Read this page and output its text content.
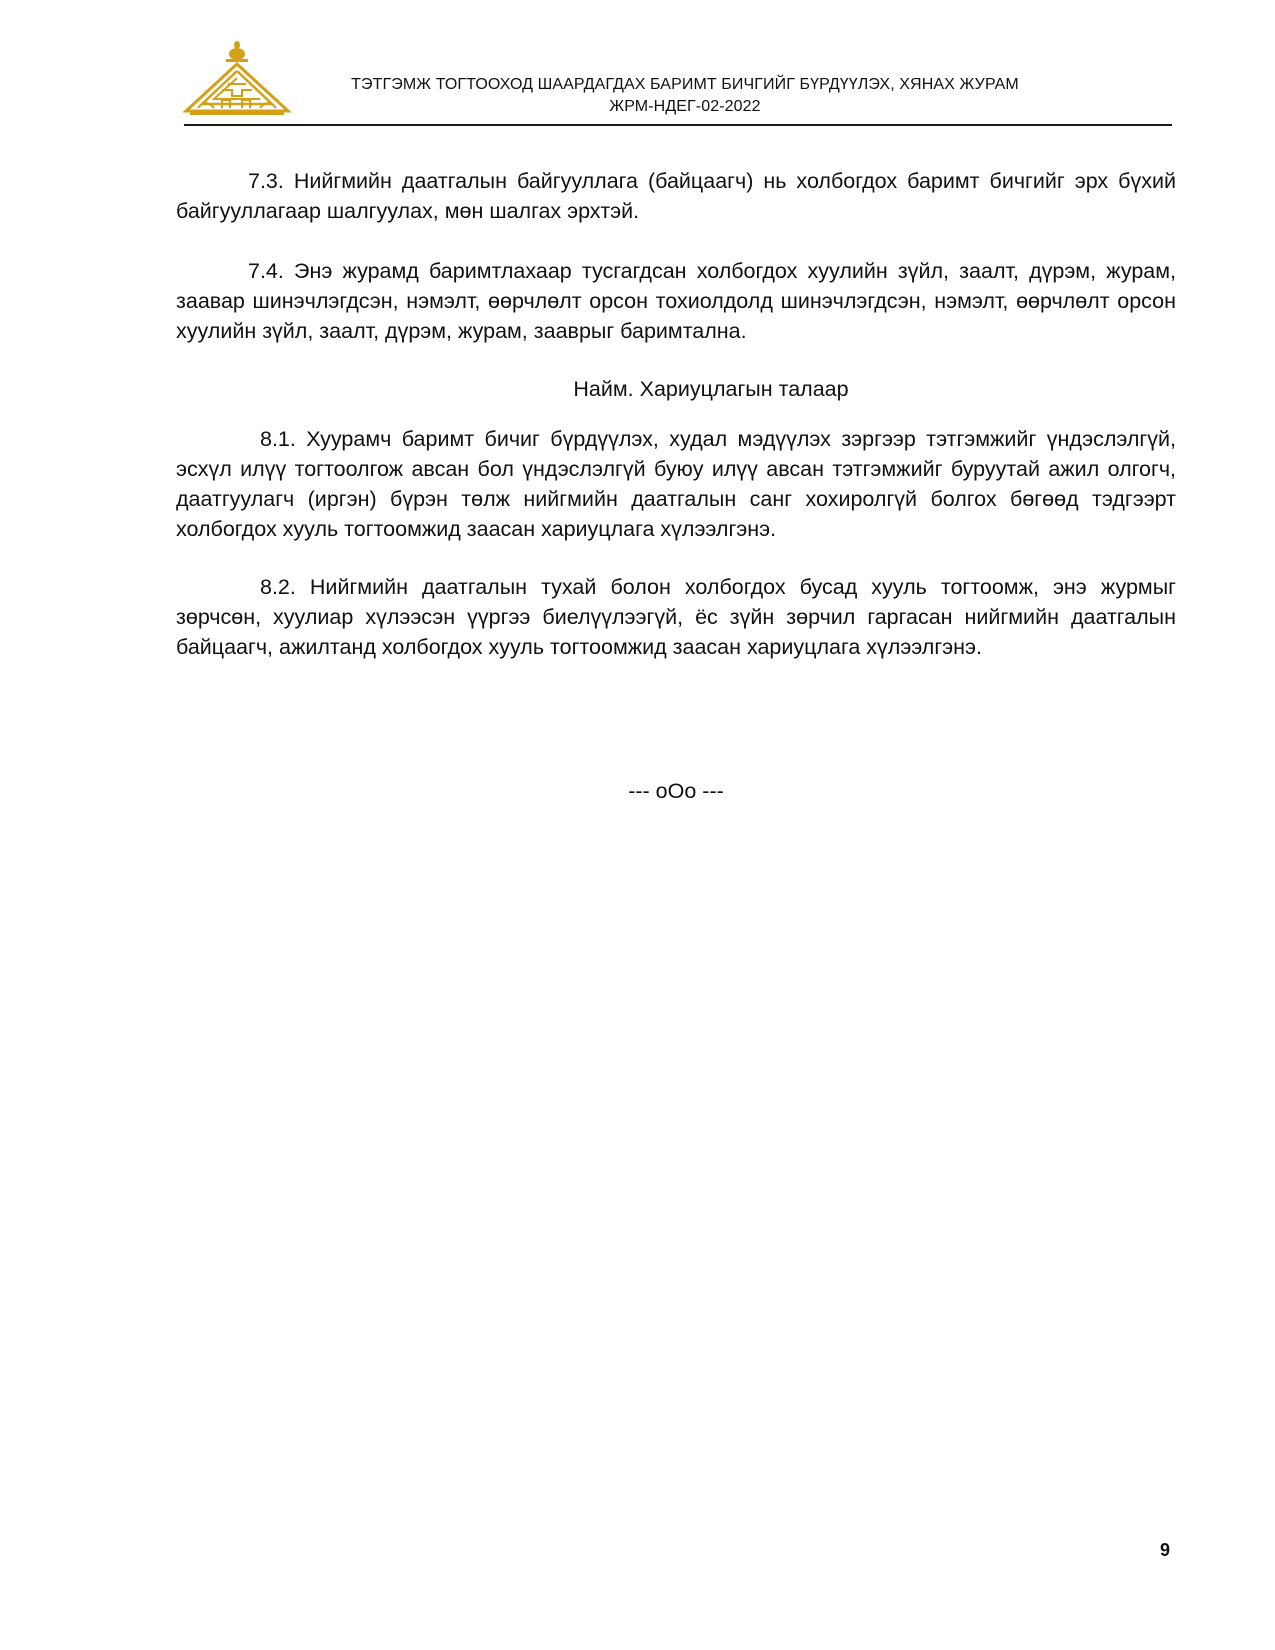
ТЭТГЭМЖ ТОГТООХОД ШААРДАГДАХ БАРИМТ БИЧГИЙГ БҮРДҮҮЛЭХ, ХЯНАХ ЖУРАМ
ЖРМ-НДЕГ-02-2022

7.3. Нийгмийн даатгалын байгууллага (байцаагч) нь холбогдох баримт бичгийг эрх бүхий байгууллагаар шалгуулах, мөн шалгах эрхтэй.

7.4. Энэ журамд баримтлахаар тусгагдсан холбогдох хуулийн зүйл, заалт, дүрэм, журам, заавар шинэчлэгдсэн, нэмэлт, өөрчлөлт орсон тохиолдолд шинэчлэгдсэн, нэмэлт, өөрчлөлт орсон хуулийн зүйл, заалт, дүрэм, журам, зааврыг баримтална.

Найм. Хариуцлагын талаар

8.1. Хуурамч баримт бичиг бүрдүүлэх, худал мэдүүлэх зэргээр тэтгэмжийг үндэслэлгүй, эсхүл илүү тогтоолгож авсан бол үндэслэлгүй буюу илүү авсан тэтгэмжийг буруутай ажил олгогч, даатгуулагч (иргэн) бүрэн төлж нийгмийн даатгалын санг хохиролгүй болгох бөгөөд тэдгээрт холбогдох хууль тогтоомжид заасан хариуцлага хүлээлгэнэ.

8.2. Нийгмийн даатгалын тухай болон холбогдох бусад хууль тогтоомж, энэ журмыг зөрчсөн, хуулиар хүлээсэн үүргээ биелүүлээгүй, ёс зүйн зөрчил гаргасан нийгмийн даатгалын байцаагч, ажилтанд холбогдох хууль тогтоомжид заасан хариуцлага хүлээлгэнэ.

--- оОо ---
9
